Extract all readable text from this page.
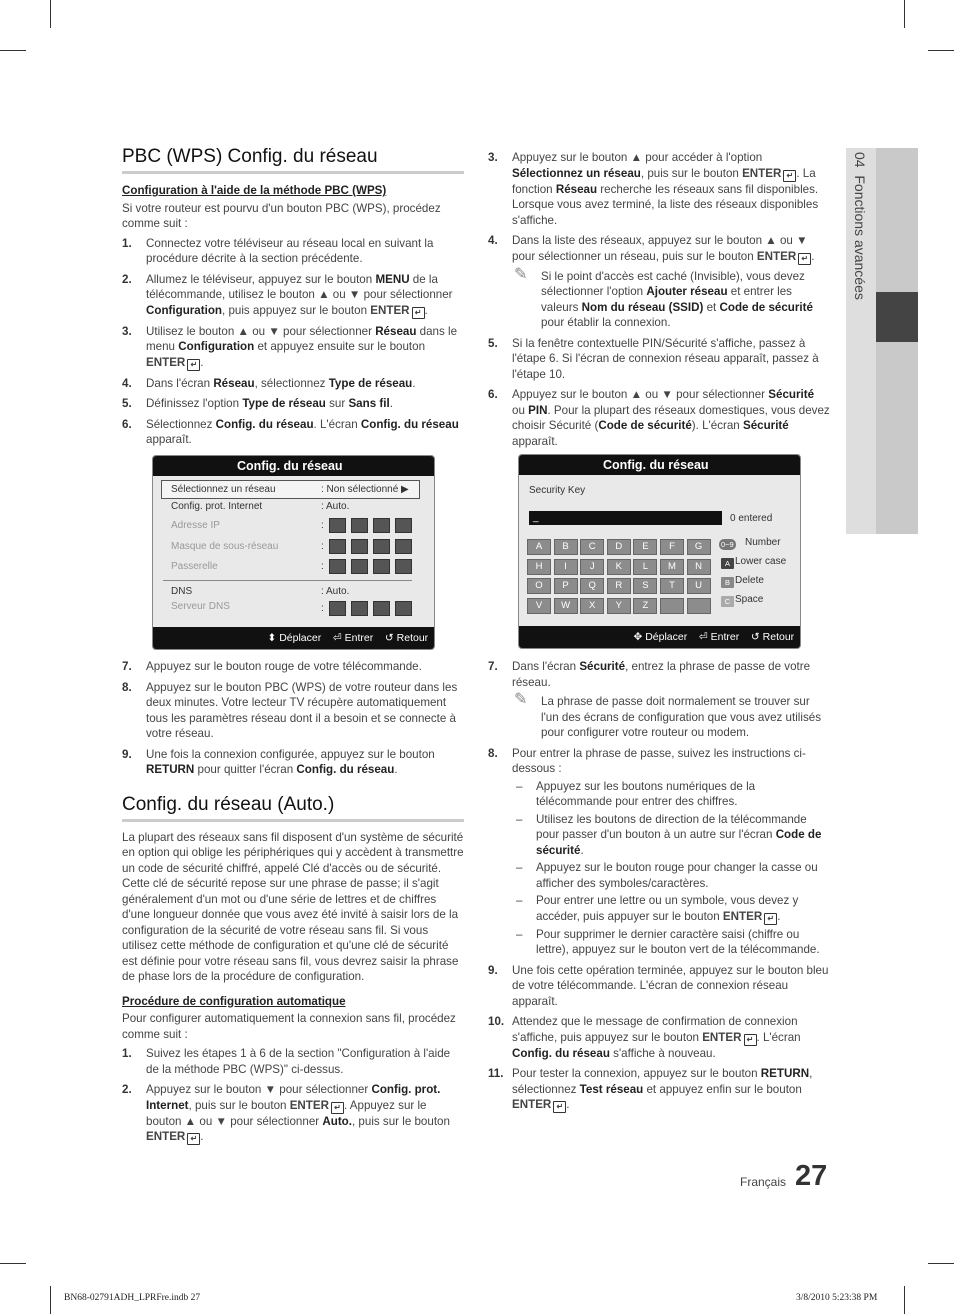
04  Fonctions avancées
PBC (WPS) Config. du réseau
Configuration à l'aide de la méthode PBC (WPS)
Si votre routeur est pourvu d'un bouton PBC (WPS), procédez comme suit :
1. Connectez votre téléviseur au réseau local en suivant la procédure décrite à la section précédente.
2. Allumez le téléviseur, appuyez sur le bouton MENU de la télécommande, utilisez le bouton ▲ ou ▼ pour sélectionner Configuration, puis appuyez sur le bouton ENTER ↵ .
3. Utilisez le bouton ▲ ou ▼ pour sélectionner Réseau dans le menu Configuration et appuyez ensuite sur le bouton ENTER ↵ .
4. Dans l'écran Réseau, sélectionnez Type de réseau.
5. Définissez l'option Type de réseau sur Sans fil.
6. Sélectionnez Config. du réseau. L'écran Config. du réseau apparaît.
Config. du réseau
Sélectionnez un réseau	: Non sélectionné ▶
Config. prot. Internet	: Auto.
Adresse IP	:
Masque de sous-réseau	:
Passerelle	:
DNS	: Auto.
Serveur DNS	:
⬍ Déplacer ⏎ Entrer ↺ Retour
7. Appuyez sur le bouton rouge de votre télécommande.
8. Appuyez sur le bouton PBC (WPS) de votre routeur dans les deux minutes. Votre lecteur TV récupère automatiquement tous les paramètres réseau dont il a besoin et se connecte à votre réseau.
9. Une fois la connexion configurée, appuyez sur le bouton RETURN pour quitter l'écran Config. du réseau.
Config. du réseau (Auto.)
La plupart des réseaux sans fil disposent d'un système de sécurité en option qui oblige les périphériques qui y accèdent à transmettre un code de sécurité chiffré, appelé Clé d'accès ou de sécurité. Cette clé de sécurité repose sur une phrase de passe; il s'agit généralement d'un mot ou d'une série de lettres et de chiffres d'une longueur donnée que vous avez été invité à saisir lors de la configuration de la sécurité de votre réseau sans fil. Si vous utilisez cette méthode de configuration et qu'une clé de sécurité est définie pour votre réseau sans fil, vous devrez saisir la phrase de phase lors de la procédure de configuration.
Procédure de configuration automatique
Pour configurer automatiquement la connexion sans fil, procédez comme suit :
1. Suivez les étapes 1 à 6 de la section "Configuration à l'aide de la méthode PBC (WPS)" ci-dessus.
2. Appuyez sur le bouton ▼ pour sélectionner Config. prot. Internet, puis sur le bouton ENTER ↵ . Appuyez sur le bouton ▲ ou ▼ pour sélectionner Auto., puis sur le bouton ENTER ↵ .
3. Appuyez sur le bouton ▲ pour accéder à l'option Sélectionnez un réseau, puis sur le bouton ENTER ↵ . La fonction Réseau recherche les réseaux sans fil disponibles. Lorsque vous avez terminé, la liste des réseaux disponibles s'affiche.
4. Dans la liste des réseaux, appuyez sur le bouton ▲ ou ▼ pour sélectionner un réseau, puis sur le bouton ENTER ↵ .
✎ Si le point d'accès est caché (Invisible), vous devez sélectionner l'option Ajouter réseau et entrer les valeurs Nom du réseau (SSID) et Code de sécurité pour établir la connexion.
5. Si la fenêtre contextuelle PIN/Sécurité s'affiche, passez à l'étape 6. Si l'écran de connexion réseau apparaît, passez à l'étape 10.
6. Appuyez sur le bouton ▲ ou ▼ pour sélectionner Sécurité ou PIN. Pour la plupart des réseaux domestiques, vous devez choisir Sécurité (Code de sécurité). L'écran Sécurité apparaît.
Config. du réseau
Security Key
_	0 entered
A	B	C	D	E	F	G
H	I	J	K	L	M	N
O	P	Q	R	S	T	U
V	W	X	Y	Z
0~9 Number
A Lower case
B Delete
C Space
✥ Déplacer ⏎ Entrer ↺ Retour
7. Dans l'écran Sécurité, entrez la phrase de passe de votre réseau.
✎ La phrase de passe doit normalement se trouver sur l'un des écrans de configuration que vous avez utilisés pour configurer votre routeur ou modem.
8. Pour entrer la phrase de passe, suivez les instructions ci-dessous :
– Appuyez sur les boutons numériques de la télécommande pour entrer des chiffres.
– Utilisez les boutons de direction de la télécommande pour passer d'un bouton à un autre sur l'écran Code de sécurité.
– Appuyez sur le bouton rouge pour changer la casse ou afficher des symboles/caractères.
– Pour entrer une lettre ou un symbole, vous devez y accéder, puis appuyer sur le bouton ENTER ↵ .
– Pour supprimer le dernier caractère saisi (chiffre ou lettre), appuyez sur le bouton vert de la télécommande.
9. Une fois cette opération terminée, appuyez sur le bouton bleu de votre télécommande. L'écran de connexion réseau apparaît.
10. Attendez que le message de confirmation de connexion s'affiche, puis appuyez sur le bouton ENTER ↵ . L'écran Config. du réseau s'affiche à nouveau.
11. Pour tester la connexion, appuyez sur le bouton RETURN, sélectionnez Test réseau et appuyez enfin sur le bouton ENTER ↵ .
Français 27
BN68-02791ADH_LPRFre.indb 27	3/8/2010 5:23:38 PM
